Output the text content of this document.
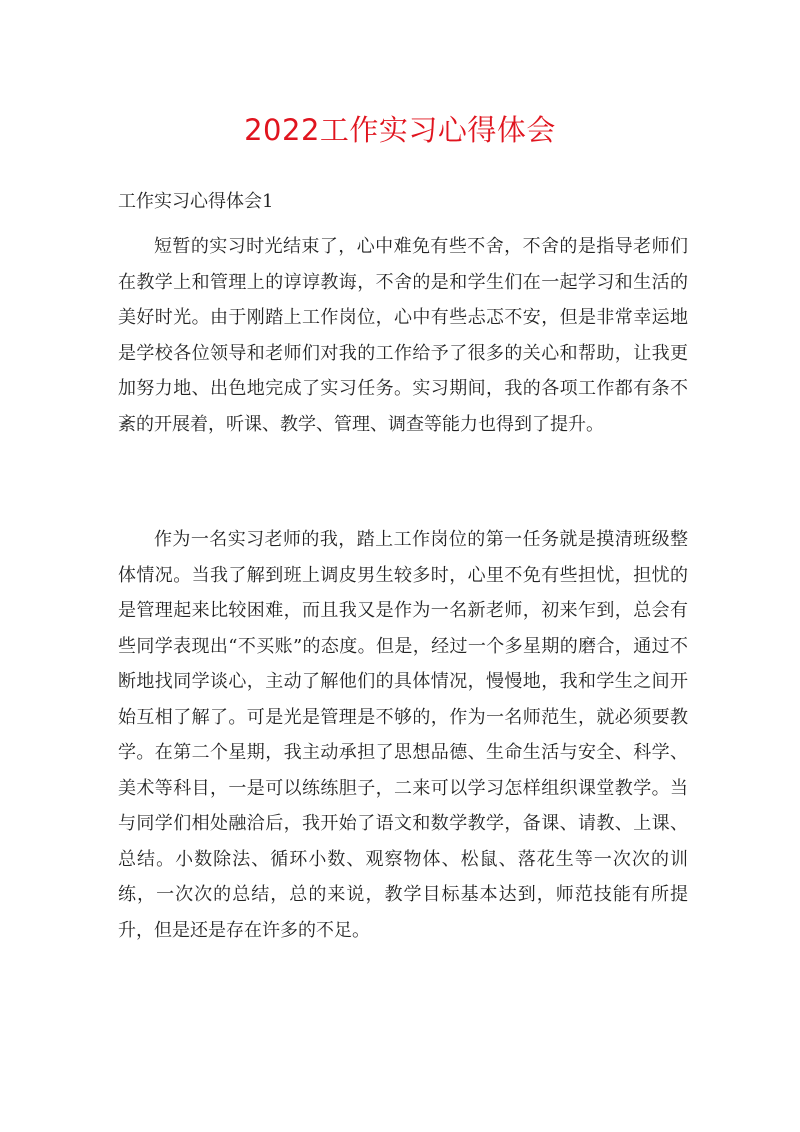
2022工作实习心得体会
工作实习心得体会1

短暂的实习时光结束了，心中难免有些不舍，不舍的是指导老师们在教学上和管理上的谆谆教诲，不舍的是和学生们在一起学习和生活的美好时光。由于刚踏上工作岗位，心中有些忐忑不安，但是非常幸运地是学校各位领导和老师们对我的工作给予了很多的关心和帮助，让我更加努力地、出色地完成了实习任务。实习期间，我的各项工作都有条不紊的开展着，听课、教学、管理、调查等能力也得到了提升。

作为一名实习老师的我，踏上工作岗位的第一任务就是摸清班级整体情况。当我了解到班上调皮男生较多时，心里不免有些担忧，担忧的是管理起来比较困难，而且我又是作为一名新老师，初来乍到，总会有些同学表现出“不买账”的态度。但是，经过一个多星期的磨合，通过不断地找同学谈心，主动了解他们的具体情况，慢慢地，我和学生之间开始互相了解了。可是光是管理是不够的，作为一名师范生，就必须要教学。在第二个星期，我主动承担了思想品德、生命生活与安全、科学、美术等科目，一是可以练练胆子，二来可以学习怎样组织课堂教学。当与同学们相处融洽后，我开始了语文和数学教学，备课、请教、上课、总结。小数除法、循环小数、观察物体、松鼠、落花生等一次次的训练，一次次的总结，总的来说，教学目标基本达到，师范技能有所提升，但是还是存在许多的不足。
